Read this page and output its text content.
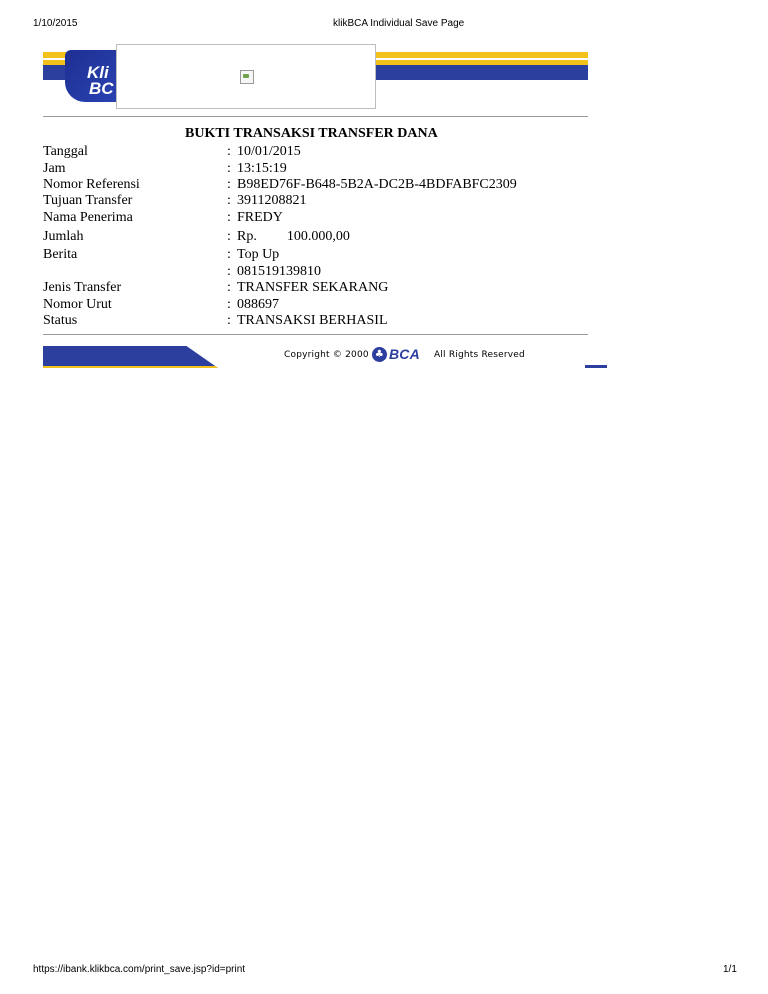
1/10/2015	klikBCA Individual Save Page
Kli
BC
BUKTI TRANSAKSI TRANSFER DANA
Tanggal	: 10/01/2015
Jam	: 13:15:19
Nomor Referensi	: B98ED76F-B648-5B2A-DC2B-4BDFABFC2309
Tujuan Transfer	: 3911208821
Nama Penerima	: FREDY
Jumlah	: Rp. 100.000,00
Berita	: Top Up
: 081519139810
Jenis Transfer	: TRANSFER SEKARANG
Nomor Urut	: 088697
Status	: TRANSAKSI BERHASIL
Copyright © 2000 ♣ BCA All Rights Reserved
https://ibank.klikbca.com/print_save.jsp?id=print	1/1
